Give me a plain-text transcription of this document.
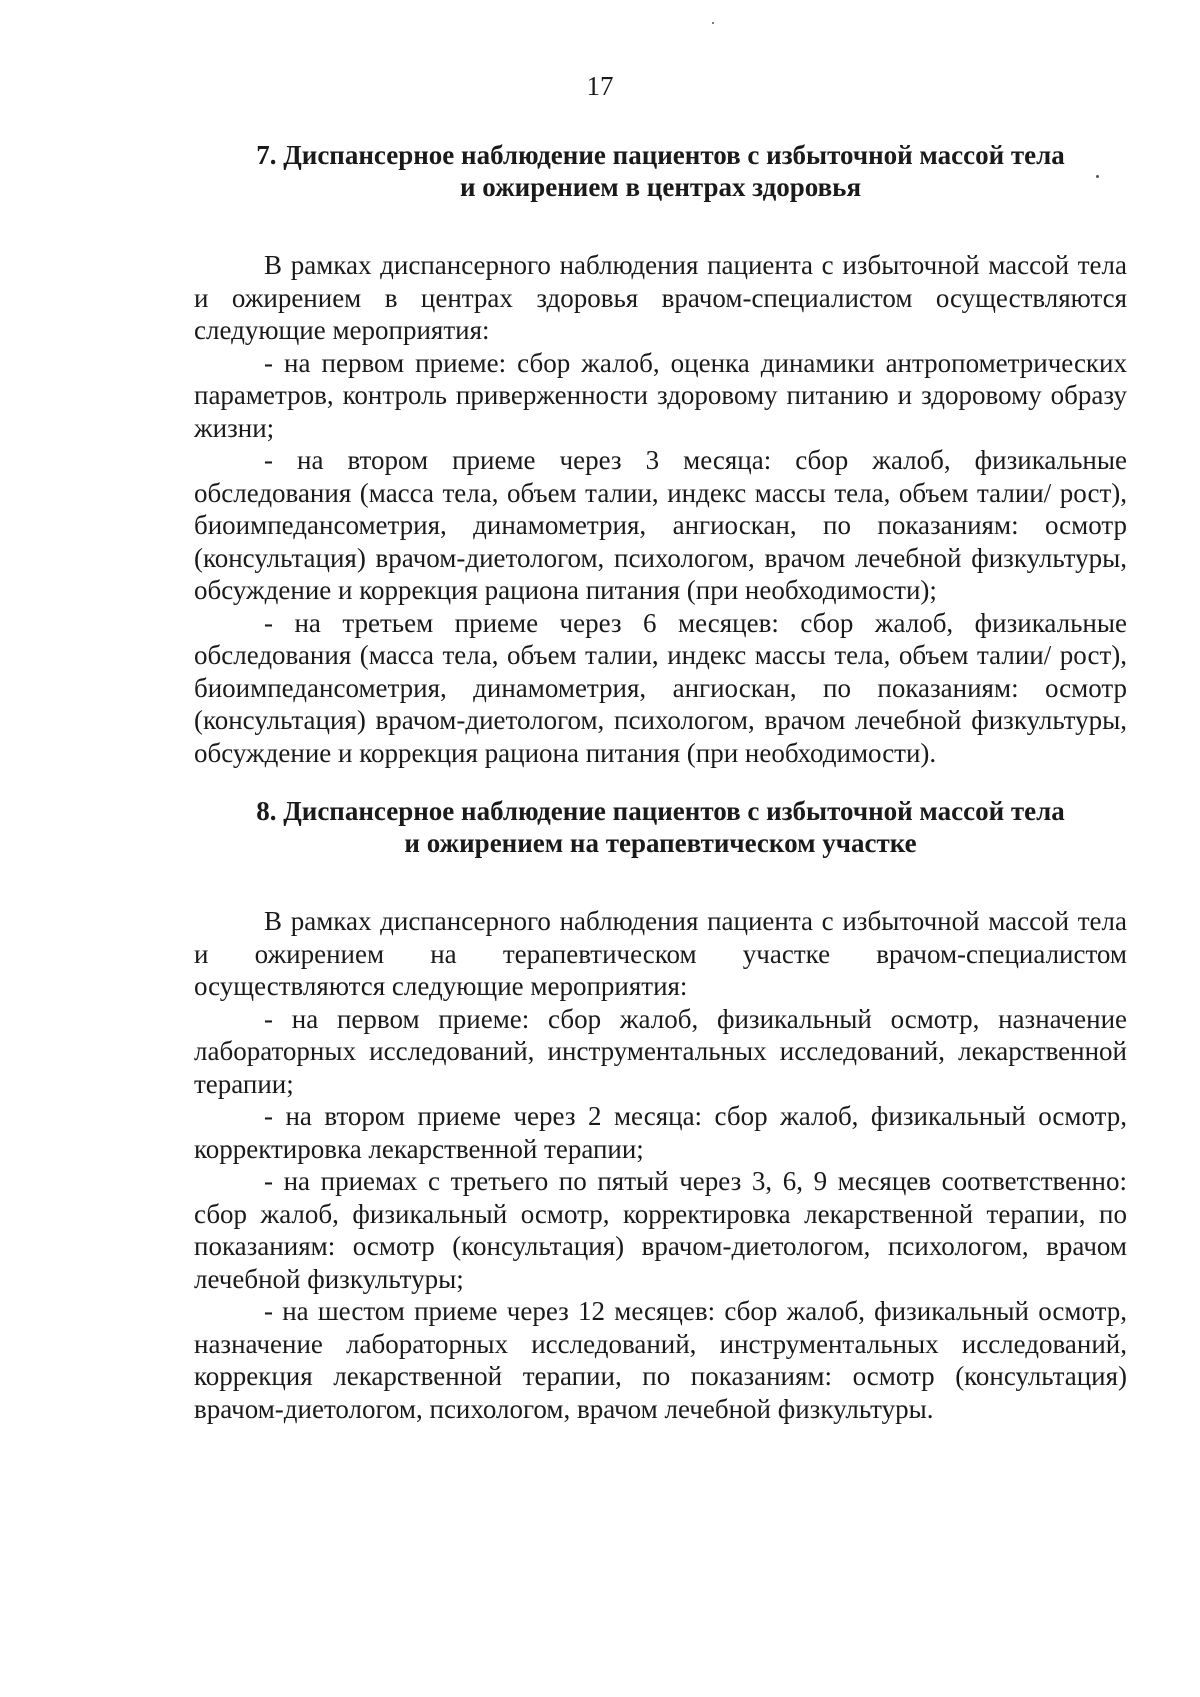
17
7. Диспансерное наблюдение пациентов с избыточной массой тела
и ожирением в центрах здоровья

В рамках диспансерного наблюдения пациента с избыточной массой тела и ожирением в центрах здоровья врачом-специалистом осуществляются следующие мероприятия:

- на первом приеме: сбор жалоб, оценка динамики антропометрических параметров, контроль приверженности здоровому питанию и здоровому образу жизни;

- на втором приеме через 3 месяца: сбор жалоб, физикальные обследования (масса тела, объем талии, индекс массы тела, объем талии/ рост), биоимпедансометрия, динамометрия, ангиоскан, по показаниям: осмотр (консультация) врачом-диетологом, психологом, врачом лечебной физкультуры, обсуждение и коррекция рациона питания (при необходимости);

- на третьем приеме через 6 месяцев: сбор жалоб, физикальные обследования (масса тела, объем талии, индекс массы тела, объем талии/ рост), биоимпедансометрия, динамометрия, ангиоскан, по показаниям: осмотр (консультация) врачом-диетологом, психологом, врачом лечебной физкультуры, обсуждение и коррекция рациона питания (при необходимости).

8. Диспансерное наблюдение пациентов с избыточной массой тела
и ожирением на терапевтическом участке

В рамках диспансерного наблюдения пациента с избыточной массой тела и ожирением на терапевтическом участке врачом-специалистом осуществляются следующие мероприятия:

- на первом приеме: сбор жалоб, физикальный осмотр, назначение лабораторных исследований, инструментальных исследований, лекарственной терапии;

- на втором приеме через 2 месяца: сбор жалоб, физикальный осмотр, корректировка лекарственной терапии;

- на приемах с третьего по пятый через 3, 6, 9 месяцев соответственно: сбор жалоб, физикальный осмотр, корректировка лекарственной терапии, по показаниям: осмотр (консультация) врачом-диетологом, психологом, врачом лечебной физкультуры;

- на шестом приеме через 12 месяцев: сбор жалоб, физикальный осмотр, назначение лабораторных исследований, инструментальных исследований, коррекция лекарственной терапии, по показаниям: осмотр (консультация) врачом-диетологом, психологом, врачом лечебной физкультуры.
